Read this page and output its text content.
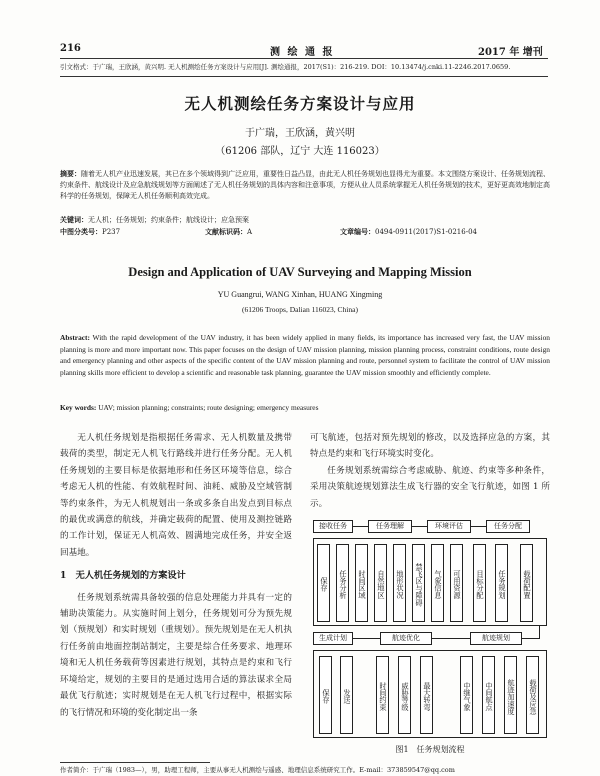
216	测 绘 通 报	2017 年 增刊
引文格式：于广瑞，王欣涵，黄兴明. 无人机测绘任务方案设计与应用[J]. 测绘通报，2017(S1)：216-219. DOI：10.13474/j.cnki.11-2246.2017.0659.
无人机测绘任务方案设计与应用
于广瑞，王欣涵，黄兴明
（61206 部队，辽宁 大连 116023）
摘要：随着无人机产业迅速发展，其已在多个领域得到广泛应用，重要性日益凸显，由此无人机任务规划也显得尤为重要。本文围绕方案设计、任务规划流程、约束条件、航线设计及应急航线规划等方面阐述了无人机任务规划的具体内容和注意事项，方便从业人员系统掌握无人机任务规划的技术，更好更高效地制定高科学的任务规划，保障无人机任务顺利高效完成。
关键词：无人机；任务规划；约束条件；航线设计；应急预案
中图分类号：P237	文献标识码：A	文章编号：0494-0911(2017)S1-0216-04
Design and Application of UAV Surveying and Mapping Mission
YU Guangrui, WANG Xinhan, HUANG Xingming
(61206 Troops, Dalian 116023, China)
Abstract: With the rapid development of the UAV industry, it has been widely applied in many fields, its importance has increased very fast, the UAV mission planning is more and more important now. This paper focuses on the design of UAV mission planning, mission planning process, constraint conditions, route design and emergency planning and other aspects of the specific content of the UAV mission planning and route, personnel system to facilitate the control of UAV mission planning skills more efficient to develop a scientific and reasonable task planning, guarantee the UAV mission smoothly and efficiently complete.
Key words: UAV; mission planning; constraints; route designing; emergency measures

无人机任务规划是指根据任务需求、无人机数量及携带载荷的类型，制定无人机飞行路线并进行任务分配。无人机任务规划的主要目标是依据地形和任务区环境等信息，综合考虑无人机的性能、有效航程时间、油耗、威胁及空域管制等约束条件，为无人机规划出一条或多条自出发点到目标点的最优或满意的航线，并确定载荷的配置、使用及测控链路的工作计划，保证无人机高效、圆满地完成任务，并安全返回基地。

1　无人机任务规划的方案设计

任务规划系统需具备较强的信息处理能力并具有一定的辅助决策能力。从实施时间上划分，任务规划可分为预先规划（预规划）和实时规划（重规划）。预先规划是在无人机执行任务前由地面控制站制定，主要是综合任务要求、地理环境和无人机任务载荷等因素进行规划，其特点是约束和飞行环境给定，规划的主要目的是通过选用合适的算法谋求全局最优飞行航迹；实时规划是在无人机飞行过程中，根据实际的飞行情况和环境的变化制定出一条

可飞航迹，包括对预先规划的修改，以及选择应急的方案，其特点是约束和飞行环境实时变化。

任务规划系统需综合考虑威胁、航迹、约束等多种条件，采用决策航迹规划算法生成飞行器的安全飞行航迹，如图 1 所示。

接收任务	任务理解	环境评估	任务分配
保存	任务分析	时间区域	自然地区	地形状况	禁飞区与障碍	气象信息	可用资源	目标分配	任务规划	载荷配置
生成计划	航迹优化	航迹规划
保存	发送	时间约束	威胁等级	最大转弯	中继气象	中间航点	航迹加速度	载荷及应急
图1　任务规划流程
作者简介：于广瑞（1983—），男，助理工程师，主要从事无人机测绘与遥感、地理信息系统研究工作。E-mail：373859547@qq.com
